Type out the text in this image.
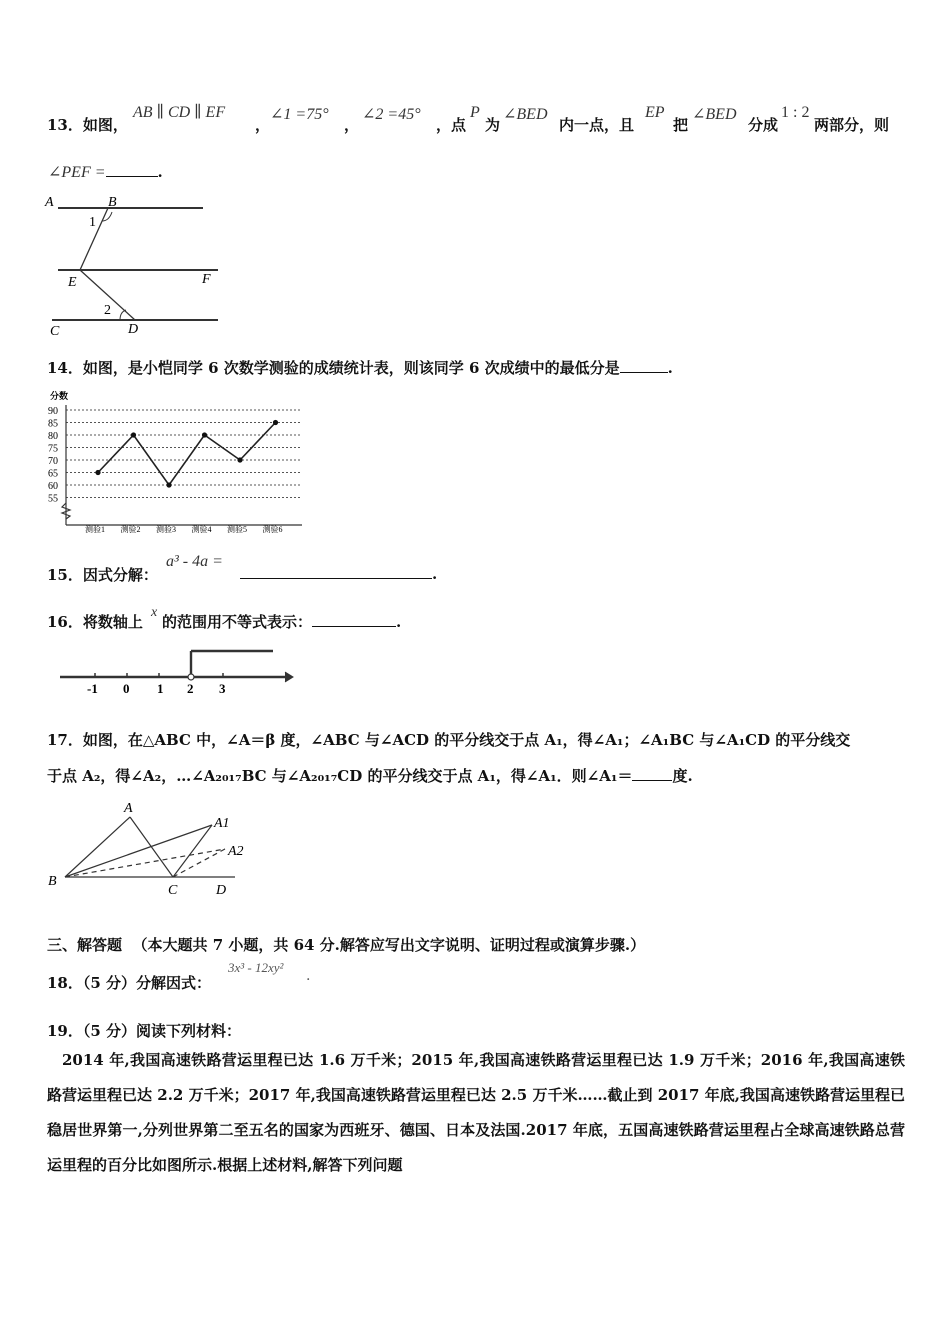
13．如图，
AB ∥ CD ∥ EF
，
∠1 =75°
，
∠2 =45°
，点
P
为
∠BED
内一点，且
EP
把
∠BED
分成
1 : 2
两部分，则
∠PEF =	.
A	B
1
E	F
2
C	D
14．如图，是小恺同学 6 次数学测验的成绩统计表，则该同学 6 次成绩中的最低分是	.
分数
90
85
80
75
70
65
60
55
测验1 测验2 测验3 测验4 测验5 测验6
15．因式分解：
a³ - 4a =
.
16．将数轴上
x
的范围用不等式表示：	.
-1 0 1 2 3
17．如图，在△ABC 中，∠A＝β 度，∠ABC 与∠ACD 的平分线交于点 A₁，得∠A₁；∠A₁BC 与∠A₁CD 的平分线交
于点 A₂，得∠A₂，…∠A₂₀₁₇BC 与∠A₂₀₁₇CD 的平分线交于点 A₁，得∠A₁．则∠A₁＝	度.
A
A1
A2
B
C	D
三、解答题 （本大题共 7 小题，共 64 分.解答应写出文字说明、证明过程或演算步骤.）
18．（5 分）分解因式：
3x³ - 12xy²
.
19．（5 分）阅读下列材料：
2014 年,我国高速铁路营运里程已达 1.6 万千米；2015 年,我国高速铁路营运里程已达 1.9 万千米；2016 年,我国高速铁路营运里程已达 2.2 万千米；2017 年,我国高速铁路营运里程已达 2.5 万千米……截止到 2017 年底,我国高速铁路营运里程已稳居世界第一,分列世界第二至五名的国家为西班牙、德国、日本及法国.2017 年底，五国高速铁路营运里程占全球高速铁路总营运里程的百分比如图所示.根据上述材料,解答下列问题
